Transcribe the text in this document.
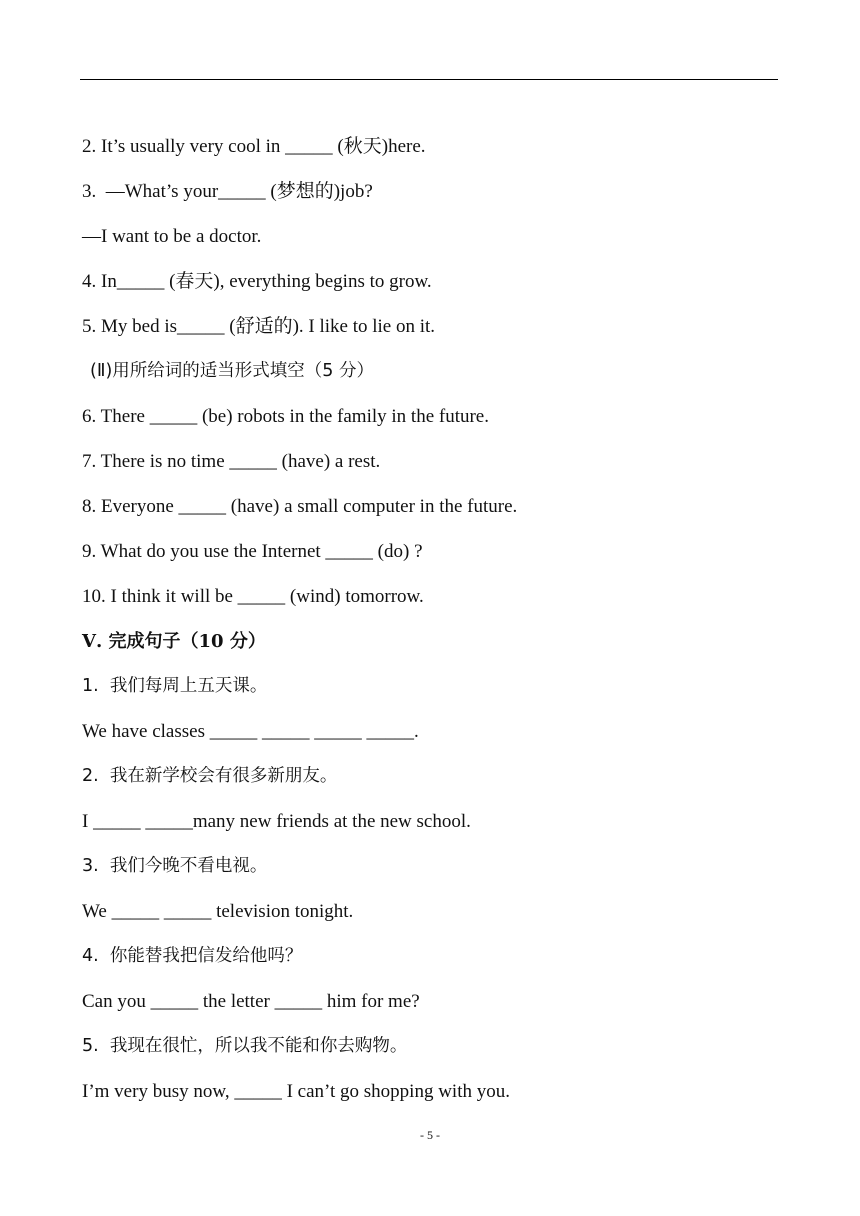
2. It’s usually very cool in _____ (秋天)here.
3.  —What’s your_____ (梦想的)job?
—I want to be a doctor.
4. In_____ (春天), everything begins to grow.
5. My bed is_____ (舒适的). I like to lie on it.
(Ⅱ)用所给词的适当形式填空（5 分）
6. There _____ (be) robots in the family in the future.
7. There is no time _____ (have) a rest.
8. Everyone _____ (have) a small computer in the future.
9. What do you use the Internet _____ (do) ?
10. I think it will be _____ (wind) tomorrow.
Ⅴ. 完成句子（10 分）
1.  我们每周上五天课。
We have classes _____ _____ _____ _____.
2.  我在新学校会有很多新朋友。
I _____ _____many new friends at the new school.
3.  我们今晚不看电视。
We _____ _____ television tonight.
4.  你能替我把信发给他吗？
Can you _____ the letter _____ him for me?
5.  我现在很忙，所以我不能和你去购物。
I’m very busy now, _____ I can’t go shopping with you.
- 5 -
